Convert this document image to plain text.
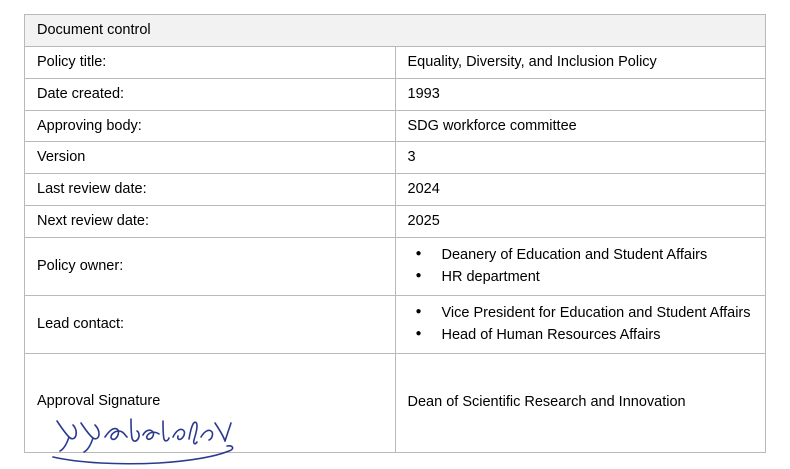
Document control	
Policy title:	Equality, Diversity, and Inclusion Policy
Date created:	1993
Approving body:	SDG workforce committee
Version	3
Last review date:	2024
Next review date:	2025
Policy owner:	
● Deanery of Education and Student Affairs
● HR department

Lead contact:	
● Vice President for Education and Student Affairs
● Head of Human Resources Affairs

Approval Signature	Dean of Scientific Research and Innovation
